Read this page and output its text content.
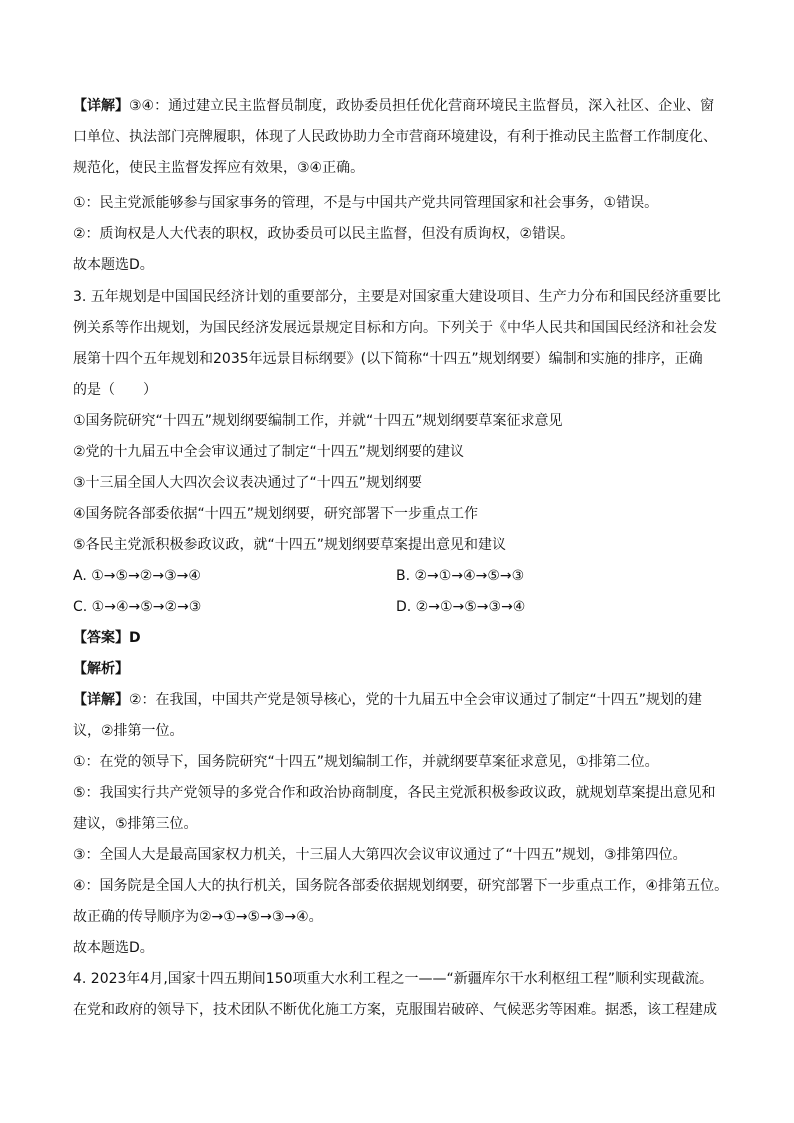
【详解】③④：通过建立民主监督员制度，政协委员担任优化营商环境民主监督员，深入社区、企业、窗
口单位、执法部门亮牌履职，体现了人民政协助力全市营商环境建设，有利于推动民主监督工作制度化、
规范化，使民主监督发挥应有效果，③④正确。
①：民主党派能够参与国家事务的管理，不是与中国共产党共同管理国家和社会事务，①错误。
②：质询权是人大代表的职权，政协委员可以民主监督，但没有质询权，②错误。
故本题选D。
3. 五年规划是中国国民经济计划的重要部分，主要是对国家重大建设项目、生产力分布和国民经济重要比
例关系等作出规划，为国民经济发展远景规定目标和方向。下列关于《中华人民共和国国民经济和社会发
展第十四个五年规划和2035年远景目标纲要》(以下简称“十四五”规划纲要）编制和实施的排序，正确
的是（　　）
①国务院研究“十四五”规划纲要编制工作，并就“十四五”规划纲要草案征求意见
②党的十九届五中全会审议通过了制定“十四五”规划纲要的建议
③十三届全国人大四次会议表决通过了“十四五”规划纲要
④国务院各部委依据“十四五”规划纲要，研究部署下一步重点工作
⑤各民主党派积极参政议政，就“十四五”规划纲要草案提出意见和建议
A. ①→⑤→②→③→④	B. ②→①→④→⑤→③
C. ①→④→⑤→②→③	D. ②→①→⑤→③→④
【答案】D
【解析】
【详解】②：在我国，中国共产党是领导核心，党的十九届五中全会审议通过了制定“十四五”规划的建
议，②排第一位。
①：在党的领导下，国务院研究“十四五”规划编制工作，并就纲要草案征求意见，①排第二位。
⑤：我国实行共产党领导的多党合作和政治协商制度，各民主党派积极参政议政，就规划草案提出意见和
建议，⑤排第三位。
③：全国人大是最高国家权力机关，十三届人大第四次会议审议通过了“十四五”规划，③排第四位。
④：国务院是全国人大的执行机关，国务院各部委依据规划纲要，研究部署下一步重点工作，④排第五位。
故正确的传导顺序为②→①→⑤→③→④。
故本题选D。
4. 2023年4月,国家十四五期间150项重大水利工程之一——“新疆库尔干水利枢纽工程”顺利实现截流。
在党和政府的领导下，技术团队不断优化施工方案，克服围岩破碎、气候恶劣等困难。据悉，该工程建成
